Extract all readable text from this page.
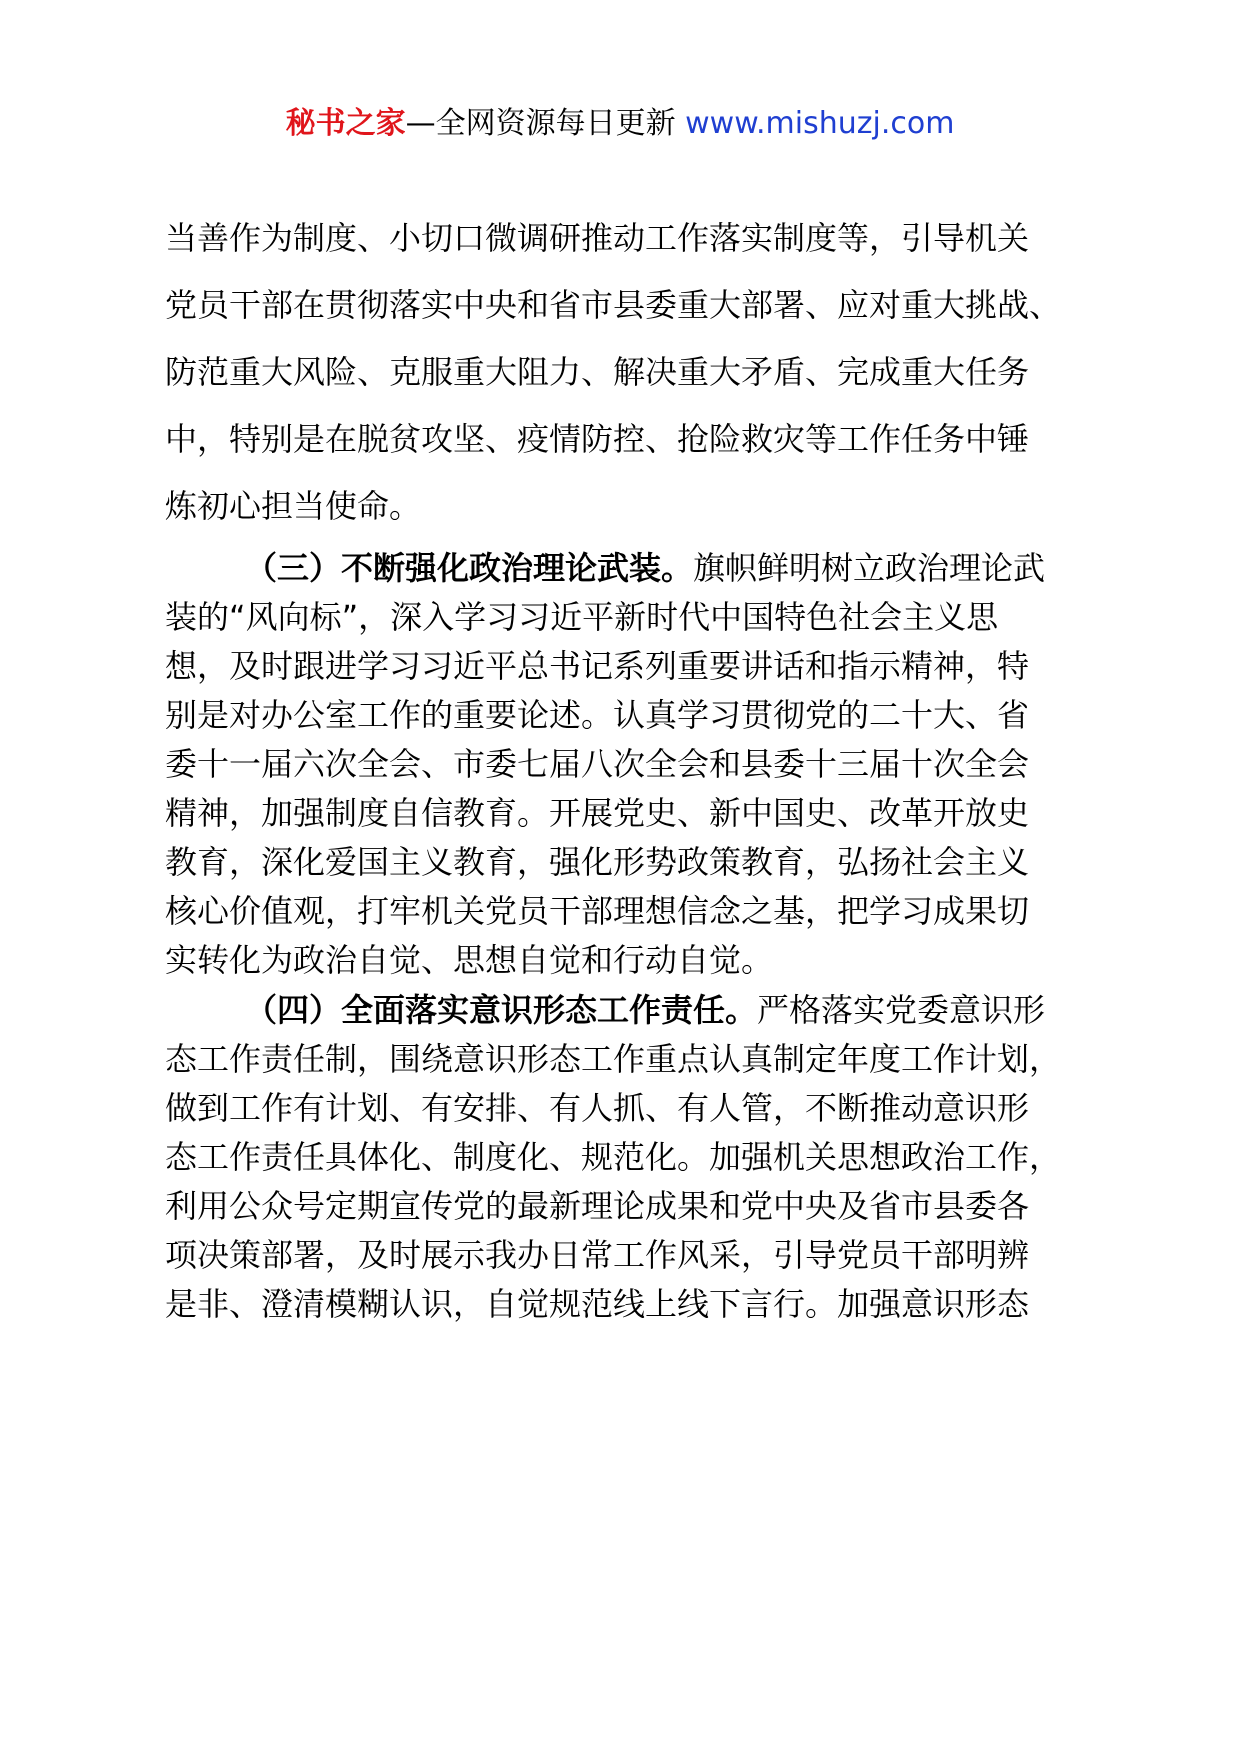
秘书之家—全网资源每日更新 www.mishuzj.com
当善作为制度、小切口微调研推动工作落实制度等，引导机关
党员干部在贯彻落实中央和省市县委重大部署、应对重大挑战、
防范重大风险、克服重大阻力、解决重大矛盾、完成重大任务
中，特别是在脱贫攻坚、疫情防控、抢险救灾等工作任务中锤
炼初心担当使命。
（三）不断强化政治理论武装。旗帜鲜明树立政治理论武
装的“风向标”，深入学习习近平新时代中国特色社会主义思
想，及时跟进学习习近平总书记系列重要讲话和指示精神，特
别是对办公室工作的重要论述。认真学习贯彻党的二十大、省
委十一届六次全会、市委七届八次全会和县委十三届十次全会
精神，加强制度自信教育。开展党史、新中国史、改革开放史
教育，深化爱国主义教育，强化形势政策教育，弘扬社会主义
核心价值观，打牢机关党员干部理想信念之基，把学习成果切
实转化为政治自觉、思想自觉和行动自觉。
（四）全面落实意识形态工作责任。严格落实党委意识形
态工作责任制，围绕意识形态工作重点认真制定年度工作计划，
做到工作有计划、有安排、有人抓、有人管，不断推动意识形
态工作责任具体化、制度化、规范化。加强机关思想政治工作，
利用公众号定期宣传党的最新理论成果和党中央及省市县委各
项决策部署，及时展示我办日常工作风采，引导党员干部明辨
是非、澄清模糊认识，自觉规范线上线下言行。加强意识形态
